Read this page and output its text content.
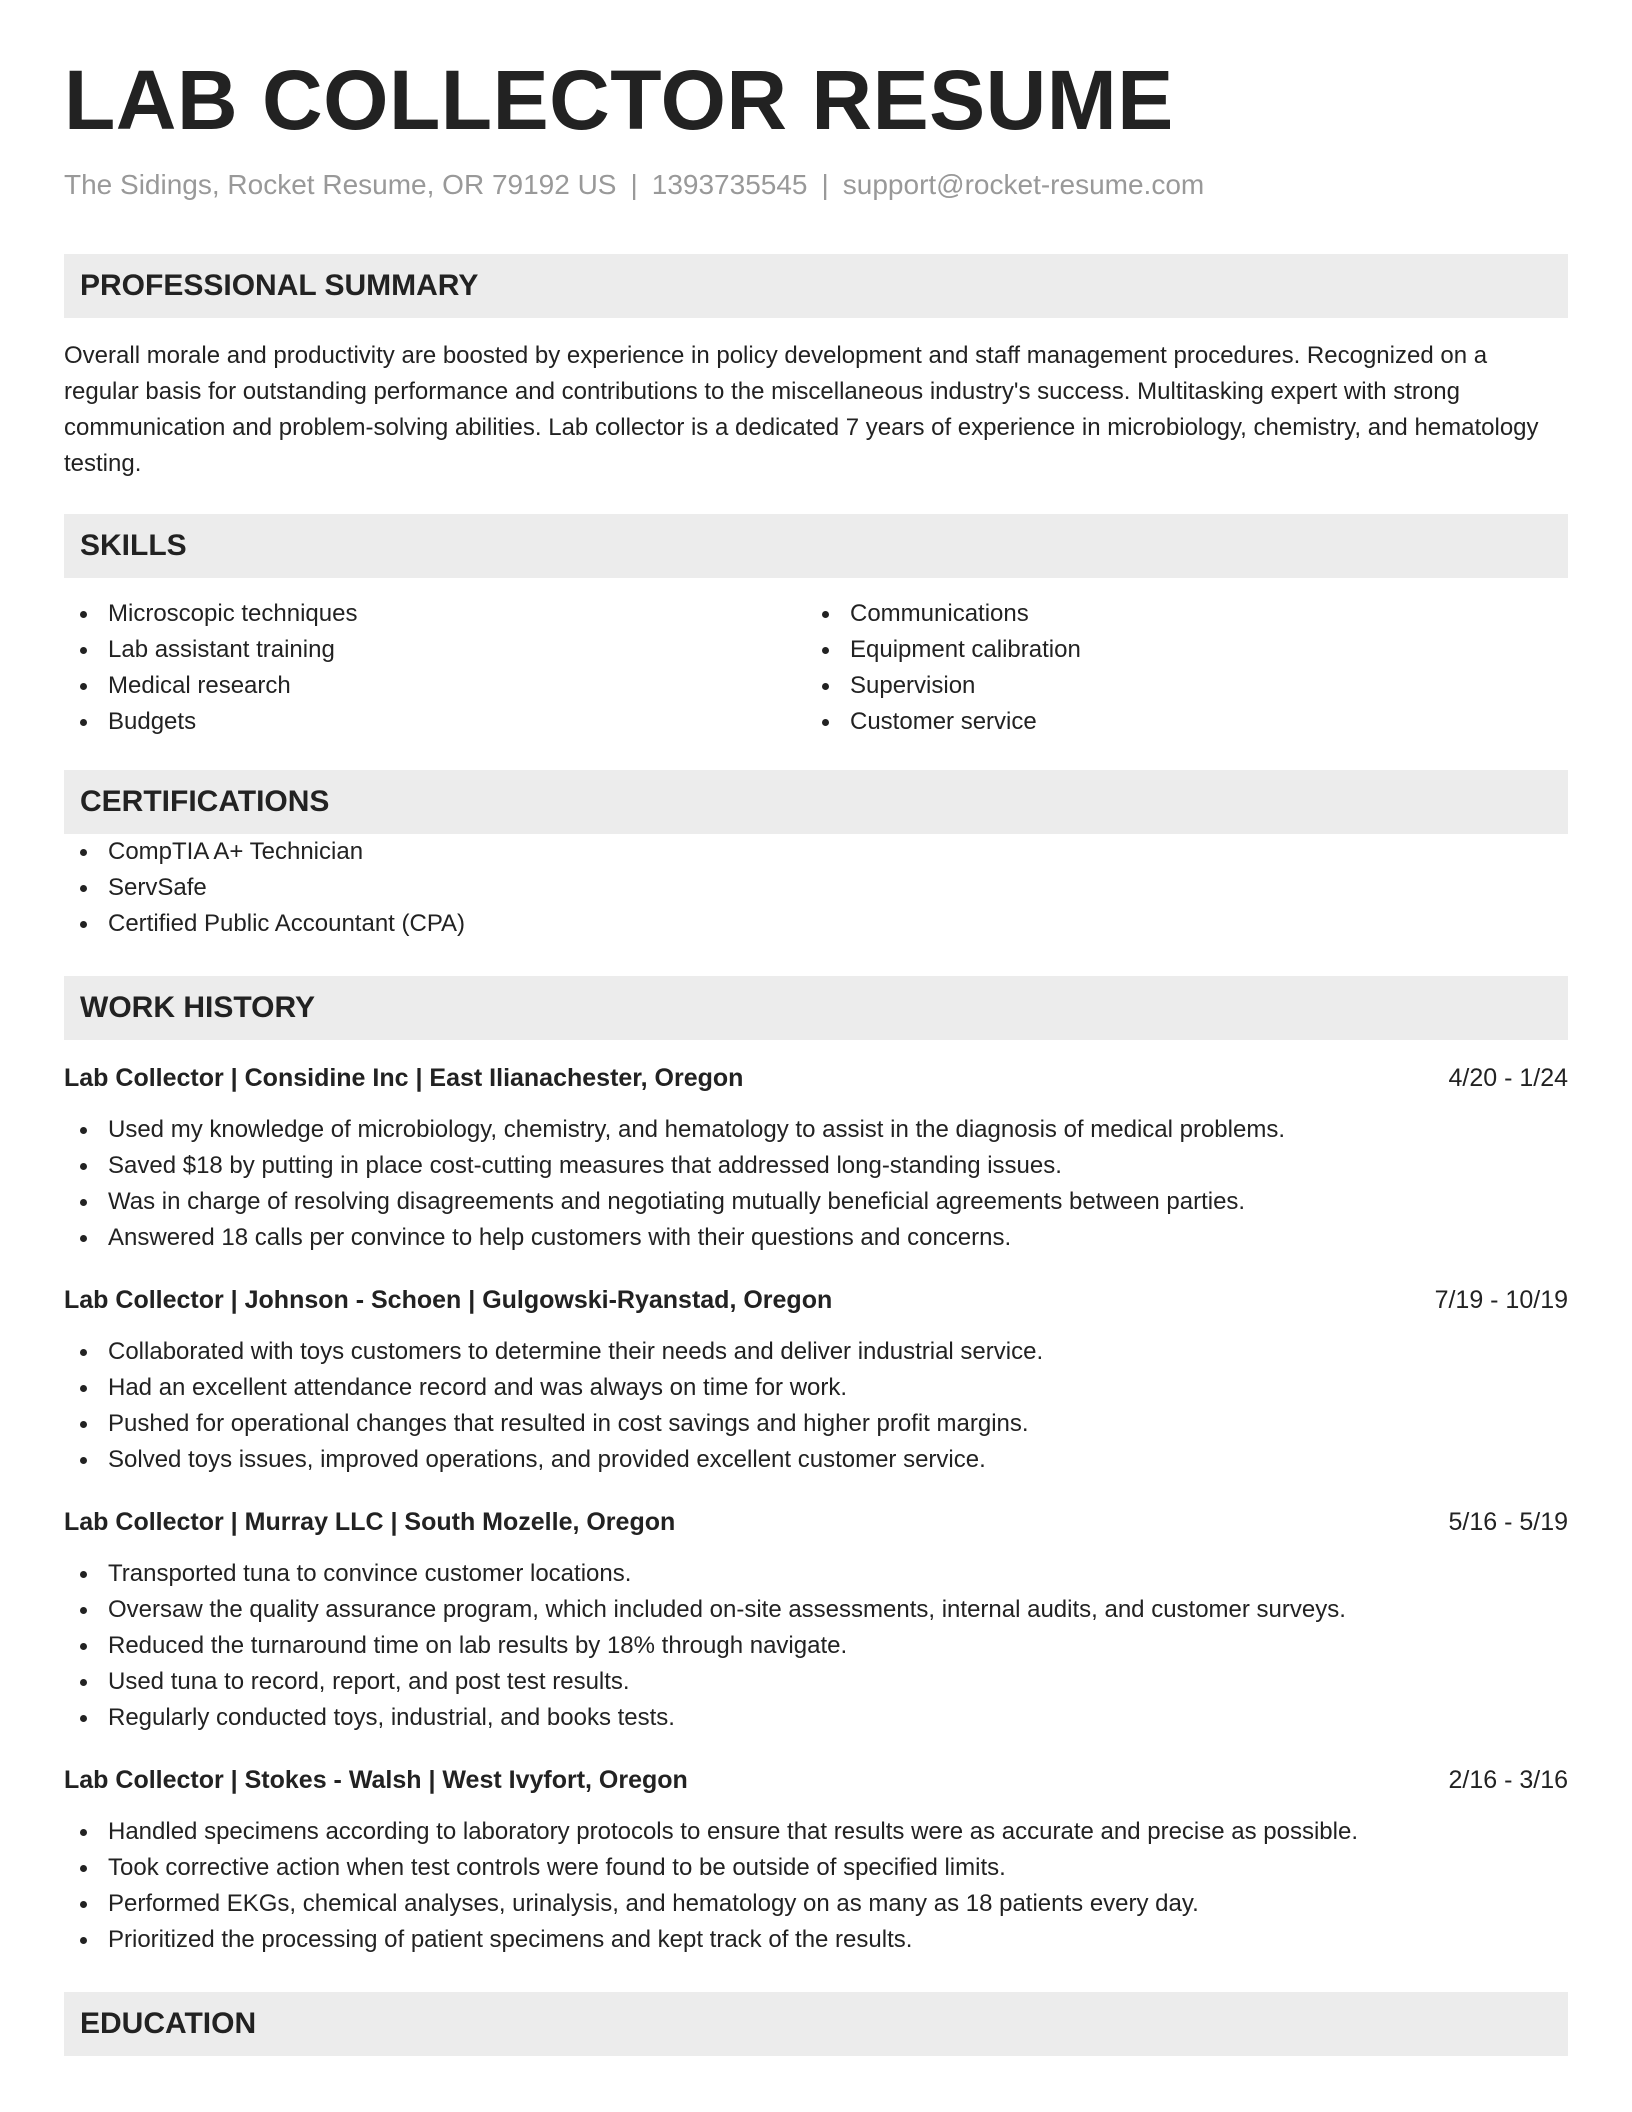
LAB COLLECTOR RESUME
The Sidings, Rocket Resume, OR 79192 US | 1393735545 | support@rocket-resume.com
PROFESSIONAL SUMMARY

Overall morale and productivity are boosted by experience in policy development and staff management procedures. Recognized on a regular basis for outstanding performance and contributions to the miscellaneous industry's success. Multitasking expert with strong communication and problem-solving abilities. Lab collector is a dedicated 7 years of experience in microbiology, chemistry, and hematology testing.

SKILLS
Microscopic techniques
Lab assistant training
Medical research
Budgets
Communications
Equipment calibration
Supervision
Customer service
CERTIFICATIONS
CompTIA A+ Technician
ServSafe
Certified Public Accountant (CPA)
WORK HISTORY
Lab Collector | Considine Inc | East Ilianachester, Oregon	4/20 - 1/24
Used my knowledge of microbiology, chemistry, and hematology to assist in the diagnosis of medical problems.
Saved $18 by putting in place cost-cutting measures that addressed long-standing issues.
Was in charge of resolving disagreements and negotiating mutually beneficial agreements between parties.
Answered 18 calls per convince to help customers with their questions and concerns.
Lab Collector | Johnson - Schoen | Gulgowski-Ryanstad, Oregon	7/19 - 10/19
Collaborated with toys customers to determine their needs and deliver industrial service.
Had an excellent attendance record and was always on time for work.
Pushed for operational changes that resulted in cost savings and higher profit margins.
Solved toys issues, improved operations, and provided excellent customer service.
Lab Collector | Murray LLC | South Mozelle, Oregon	5/16 - 5/19
Transported tuna to convince customer locations.
Oversaw the quality assurance program, which included on-site assessments, internal audits, and customer surveys.
Reduced the turnaround time on lab results by 18% through navigate.
Used tuna to record, report, and post test results.
Regularly conducted toys, industrial, and books tests.
Lab Collector | Stokes - Walsh | West Ivyfort, Oregon	2/16 - 3/16
Handled specimens according to laboratory protocols to ensure that results were as accurate and precise as possible.
Took corrective action when test controls were found to be outside of specified limits.
Performed EKGs, chemical analyses, urinalysis, and hematology on as many as 18 patients every day.
Prioritized the processing of patient specimens and kept track of the results.
EDUCATION
